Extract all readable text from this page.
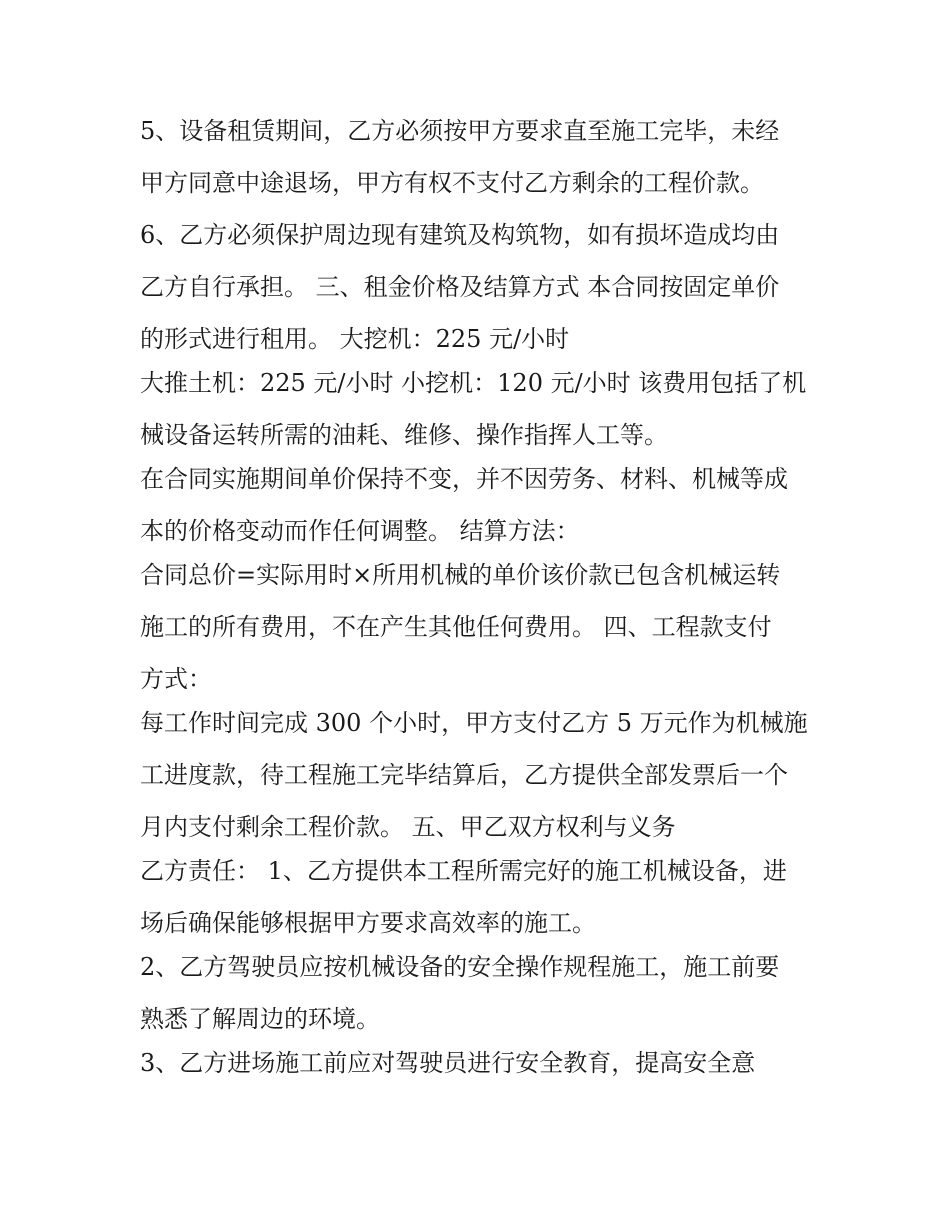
5、设备租赁期间，乙方必须按甲方要求直至施工完毕，未经
甲方同意中途退场，甲方有权不支付乙方剩余的工程价款。
6、乙方必须保护周边现有建筑及构筑物，如有损坏造成均由
乙方自行承担。 三、租金价格及结算方式 本合同按固定单价
的形式进行租用。 大挖机：225 元/小时
大推土机：225 元/小时 小挖机：120 元/小时 该费用包括了机
械设备运转所需的油耗、维修、操作指挥人工等。
在合同实施期间单价保持不变，并不因劳务、材料、机械等成
本的价格变动而作任何调整。 结算方法：
合同总价=实际用时×所用机械的单价该价款已包含机械运转
施工的所有费用，不在产生其他任何费用。 四、工程款支付
方式：
每工作时间完成 300 个小时，甲方支付乙方 5 万元作为机械施
工进度款，待工程施工完毕结算后，乙方提供全部发票后一个
月内支付剩余工程价款。 五、甲乙双方权利与义务
乙方责任： 1、乙方提供本工程所需完好的施工机械设备，进
场后确保能够根据甲方要求高效率的施工。
2、乙方驾驶员应按机械设备的安全操作规程施工，施工前要
熟悉了解周边的环境。
3、乙方进场施工前应对驾驶员进行安全教育，提高安全意
